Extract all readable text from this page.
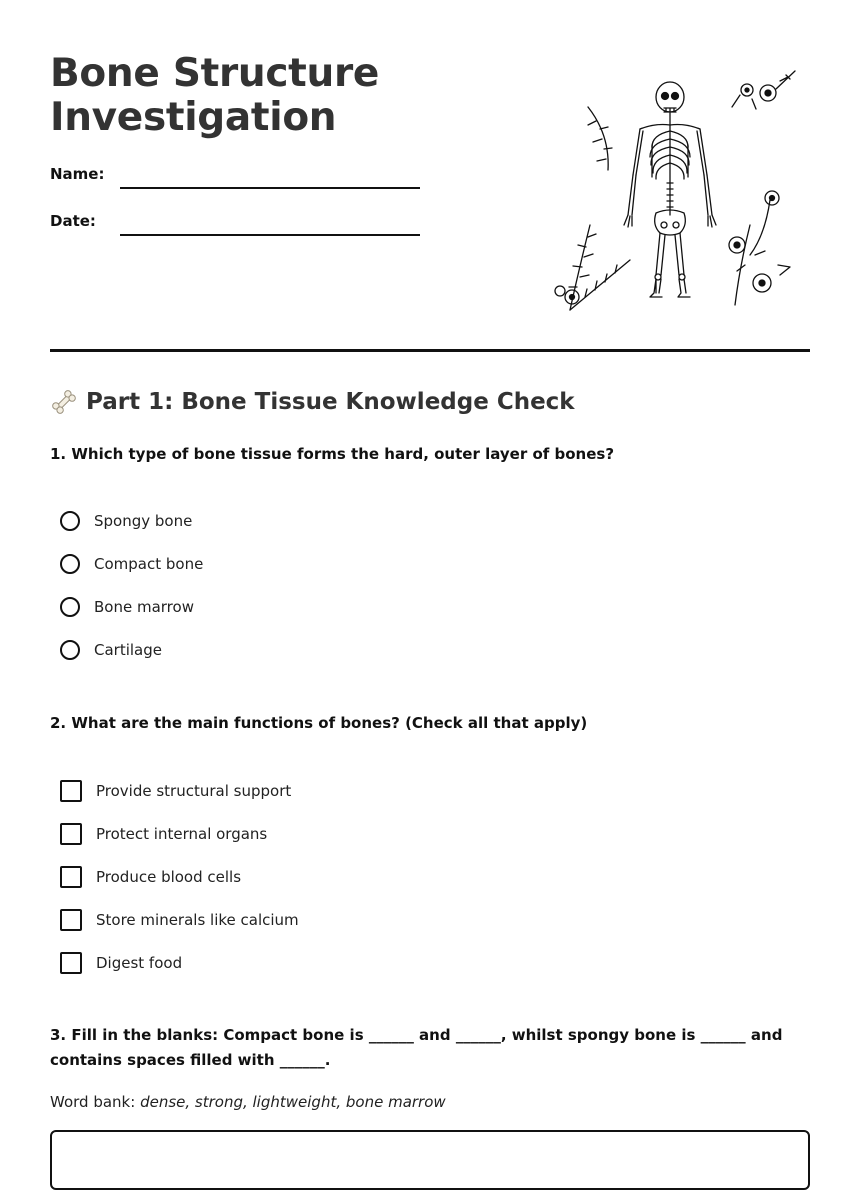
Bone Structure
Investigation
Name:
Date:
Part 1: Bone Tissue Knowledge Check
1. Which type of bone tissue forms the hard, outer layer of bones?
Spongy bone
Compact bone
Bone marrow
Cartilage
2. What are the main functions of bones? (Check all that apply)
Provide structural support
Protect internal organs
Produce blood cells
Store minerals like calcium
Digest food
3. Fill in the blanks: Compact bone is ______ and ______, whilst spongy bone is ______ and contains spaces filled with ______.
Word bank: dense, strong, lightweight, bone marrow
